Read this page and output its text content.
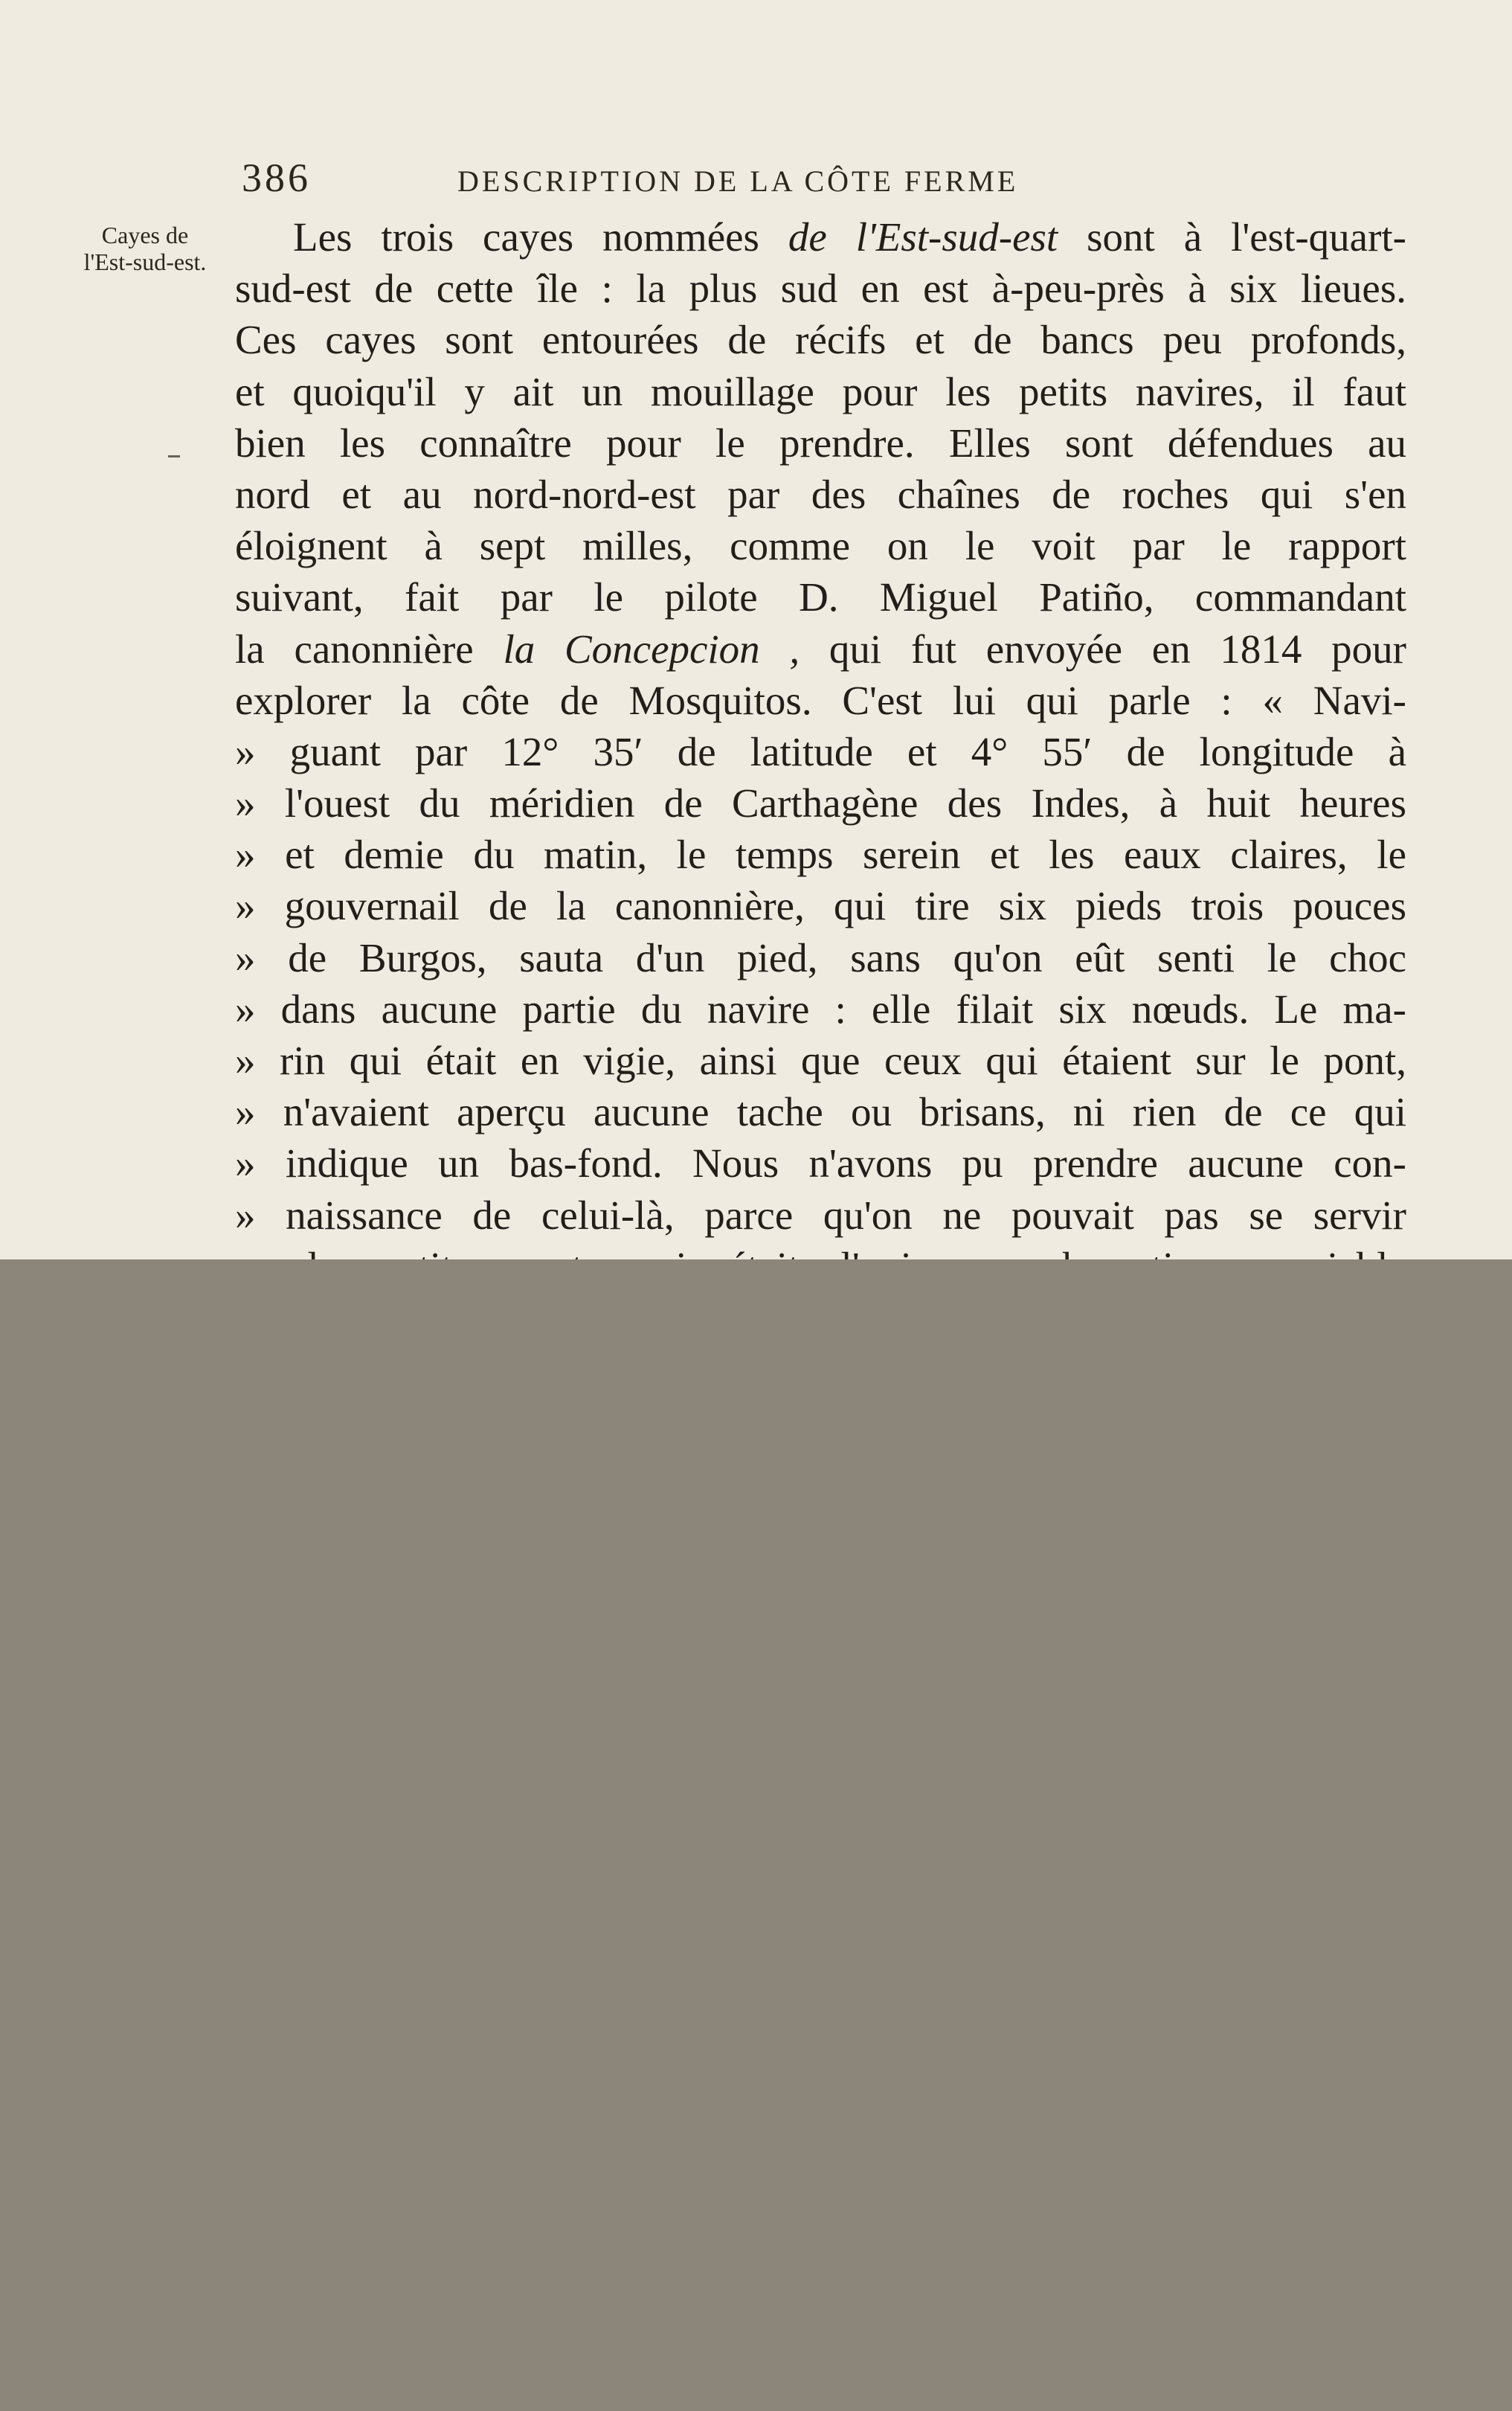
386	DESCRIPTION DE LA CÔTE FERME
Cayes de
l'Est-sud-est.
Les trois cayes nommées de l'Est-sud-est sont à l'est-quart-
sud-est de cette île : la plus sud en est à-peu-près à six lieues.
Ces cayes sont entourées de récifs et de bancs peu profonds,
et quoiqu'il y ait un mouillage pour les petits navires, il faut
bien les connaître pour le prendre. Elles sont défendues au
nord et au nord-nord-est par des chaînes de roches qui s'en
éloignent à sept milles, comme on le voit par le rapport
suivant, fait par le pilote D. Miguel Patiño, commandant
la canonnière la Concepcion , qui fut envoyée en 1814 pour
explorer la côte de Mosquitos. C'est lui qui parle : « Navi-
» guant par 12° 35′ de latitude et 4° 55′ de longitude à
» l'ouest du méridien de Carthagène des Indes, à huit heures
» et demie du matin, le temps serein et les eaux claires, le
» gouvernail de la canonnière, qui tire six pieds trois pouces
» de Burgos, sauta d'un pied, sans qu'on eût senti le choc
» dans aucune partie du navire : elle filait six nœuds. Le ma-
» rin qui était en vigie, ainsi que ceux qui étaient sur le pont,
» n'avaient aperçu aucune tache ou brisans, ni rien de ce qui
» indique un bas-fond. Nous n'avons pu prendre aucune con-
» naissance de celui-là, parce qu'on ne pouvait pas se servir
